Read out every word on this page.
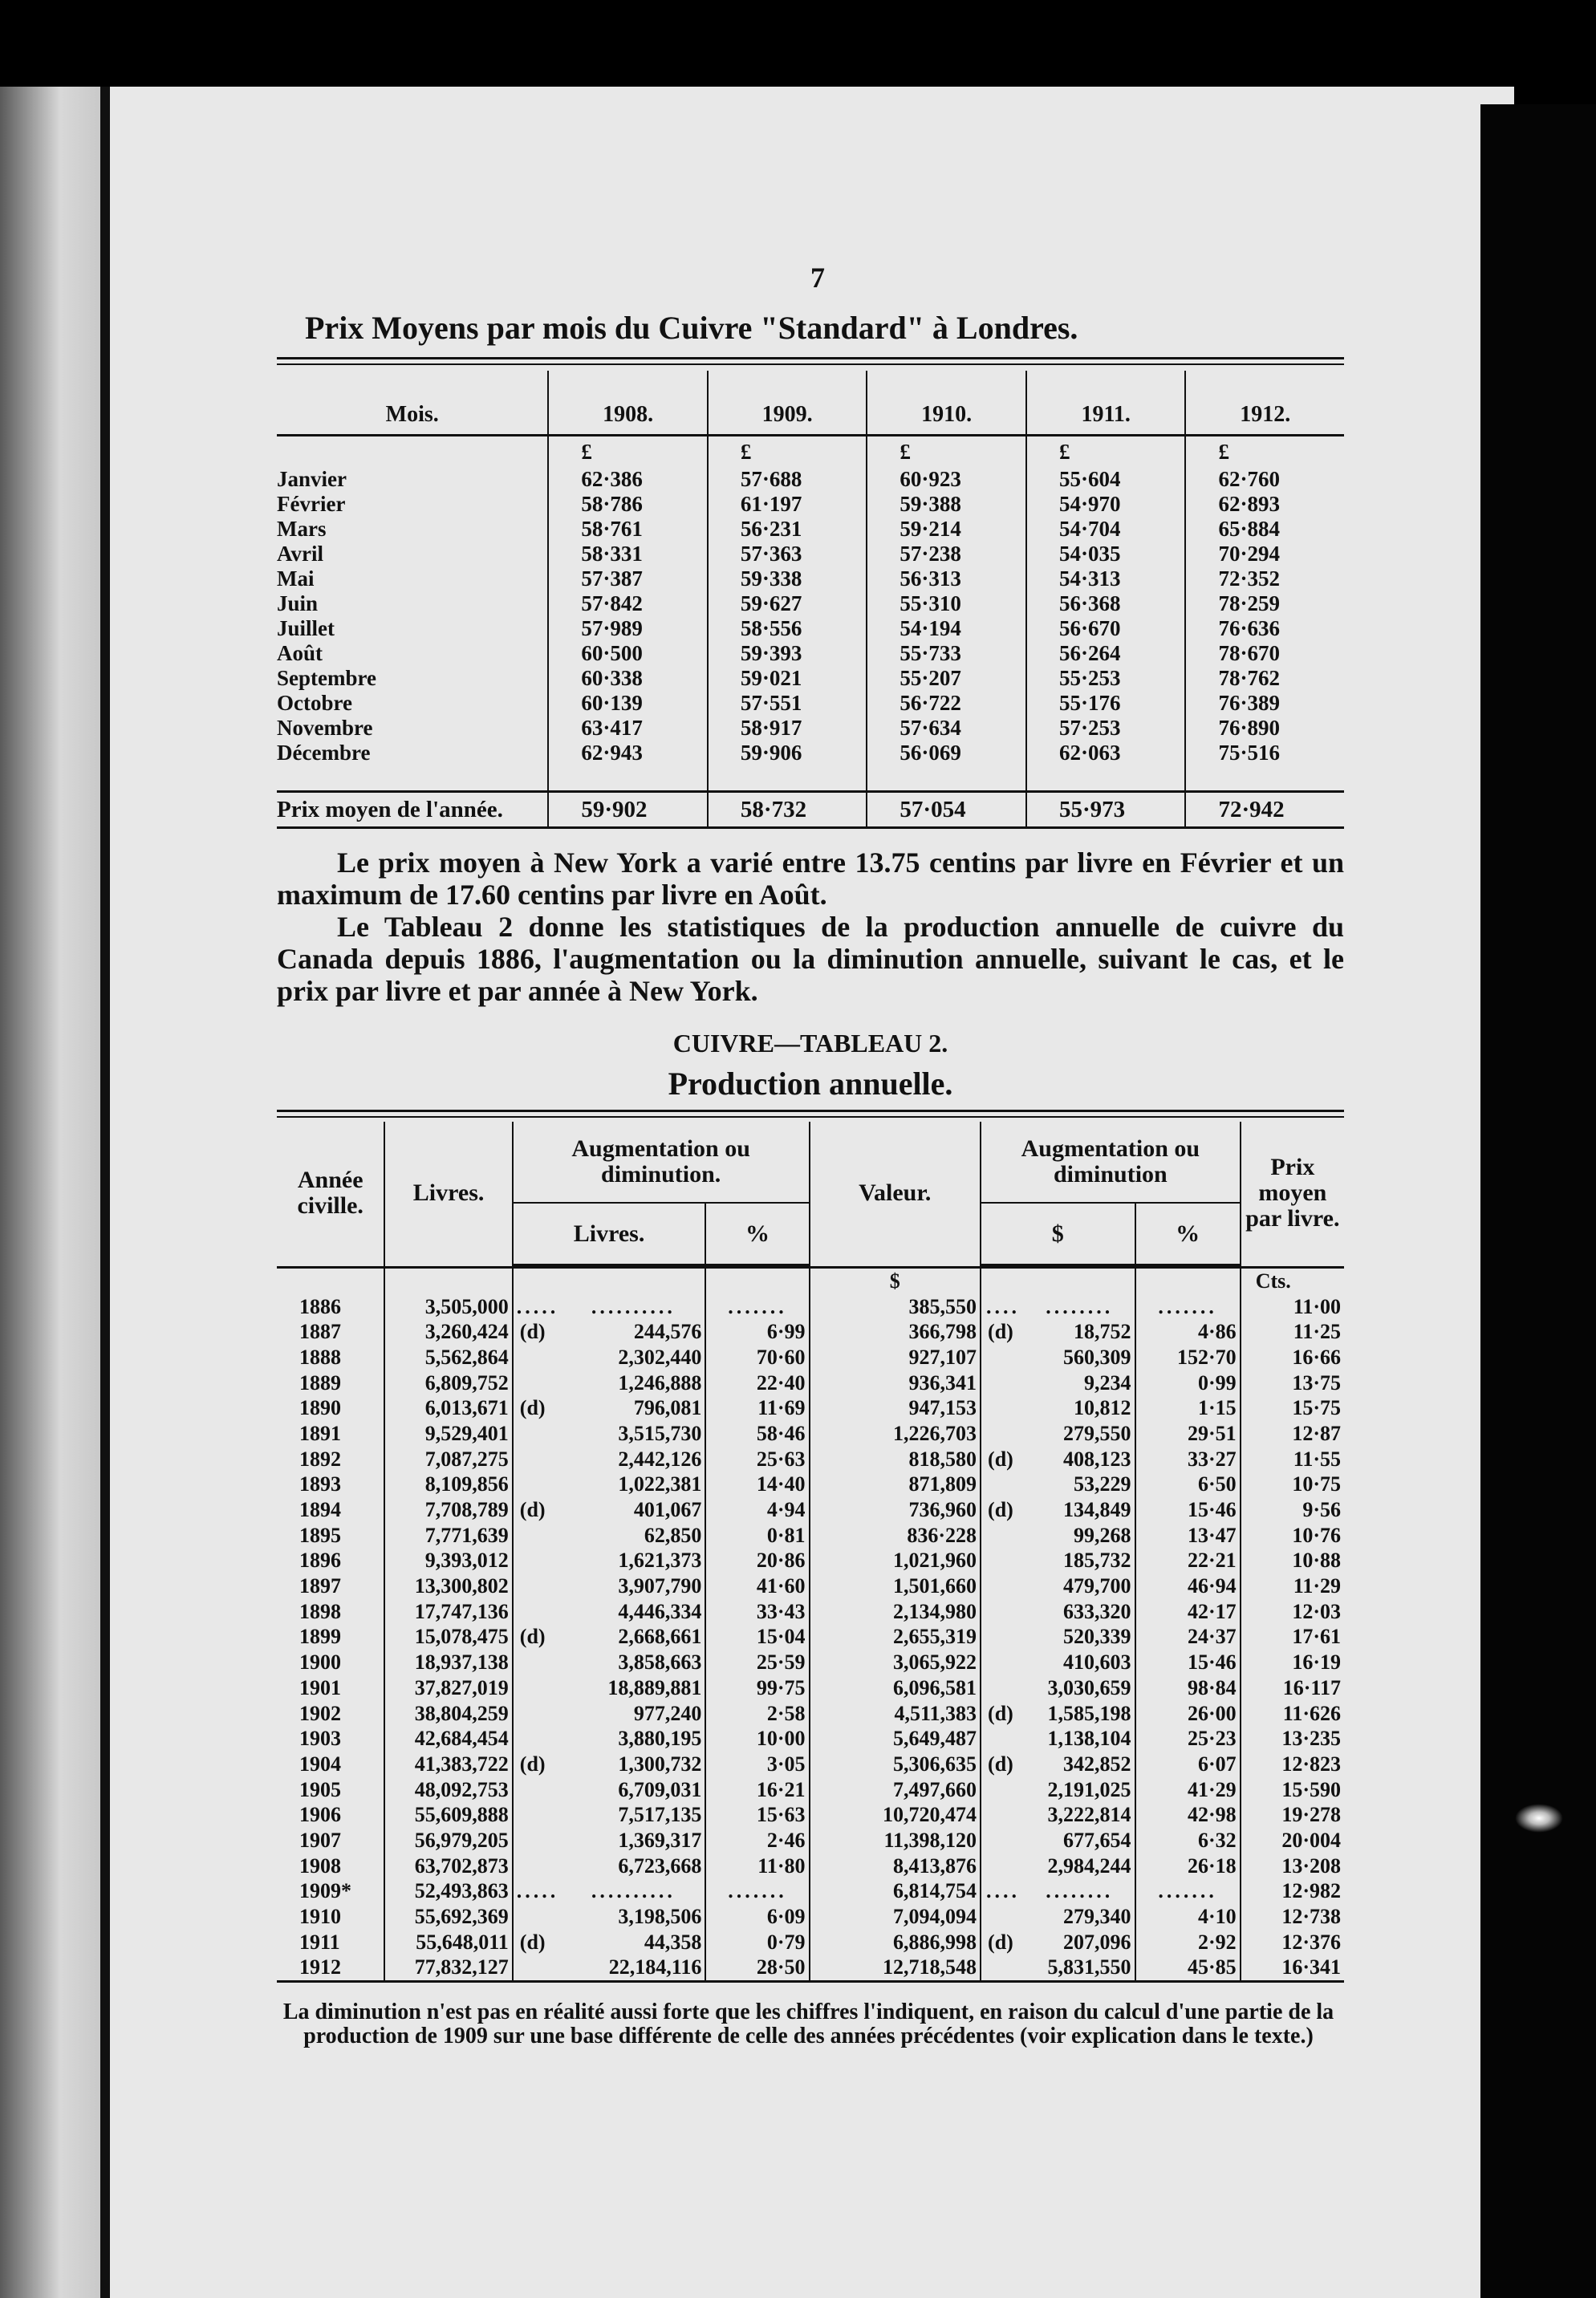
7
Prix Moyens par mois du Cuivre "Standard" à Londres.
Mois.	1908.	1909.	1910.	1911.	1912.
	£	£	£	£	£
Janvier	62·386	57·688	60·923	55·604	62·760
Février	58·786	61·197	59·388	54·970	62·893
Mars	58·761	56·231	59·214	54·704	65·884
Avril	58·331	57·363	57·238	54·035	70·294
Mai	57·387	59·338	56·313	54·313	72·352
Juin	57·842	59·627	55·310	56·368	78·259
Juillet	57·989	58·556	54·194	56·670	76·636
Août	60·500	59·393	55·733	56·264	78·670
Septembre	60·338	59·021	55·207	55·253	78·762
Octobre	60·139	57·551	56·722	55·176	76·389
Novembre	63·417	58·917	57·634	57·253	76·890
Décembre	62·943	59·906	56·069	62·063	75·516

Prix moyen de l'année.	59·902	58·732	57·054	55·973	72·942
Le prix moyen à New York a varié entre 13.75 centins par livre en Février et un maximum de 17.60 centins par livre en Août.
Le Tableau 2 donne les statistiques de la production annuelle de cuivre du Canada depuis 1886, l'augmentation ou la diminution annuelle, suivant le cas, et le prix par livre et par année à New York.
CUIVRE—TABLEAU 2.
Production annuelle.
Année civille.	Livres.	Augmentation ou diminution.			Valeur.	Augmentation ou diminution			Prix moyen par livre.
		Livres.		%		$		%	

					$				Cts.
1886	3,505,000	.....	..........	.......	385,550	....	........	.......	11·00
1887	3,260,424	(d)	244,576	6·99	366,798	(d)	18,752	4·86	11·25
1888	5,562,864		2,302,440	70·60	927,107		560,309	152·70	16·66
1889	6,809,752		1,246,888	22·40	936,341		9,234	0·99	13·75
1890	6,013,671	(d)	796,081	11·69	947,153		10,812	1·15	15·75
1891	9,529,401		3,515,730	58·46	1,226,703		279,550	29·51	12·87
1892	7,087,275		2,442,126	25·63	818,580	(d)	408,123	33·27	11·55
1893	8,109,856		1,022,381	14·40	871,809		53,229	6·50	10·75
1894	7,708,789	(d)	401,067	4·94	736,960	(d)	134,849	15·46	9·56
1895	7,771,639		62,850	0·81	836·228		99,268	13·47	10·76
1896	9,393,012		1,621,373	20·86	1,021,960		185,732	22·21	10·88
1897	13,300,802		3,907,790	41·60	1,501,660		479,700	46·94	11·29
1898	17,747,136		4,446,334	33·43	2,134,980		633,320	42·17	12·03
1899	15,078,475	(d)	2,668,661	15·04	2,655,319		520,339	24·37	17·61
1900	18,937,138		3,858,663	25·59	3,065,922		410,603	15·46	16·19
1901	37,827,019		18,889,881	99·75	6,096,581		3,030,659	98·84	16·117
1902	38,804,259		977,240	2·58	4,511,383	(d)	1,585,198	26·00	11·626
1903	42,684,454		3,880,195	10·00	5,649,487		1,138,104	25·23	13·235
1904	41,383,722	(d)	1,300,732	3·05	5,306,635	(d)	342,852	6·07	12·823
1905	48,092,753		6,709,031	16·21	7,497,660		2,191,025	41·29	15·590
1906	55,609,888		7,517,135	15·63	10,720,474		3,222,814	42·98	19·278
1907	56,979,205		1,369,317	2·46	11,398,120		677,654	6·32	20·004
1908	63,702,873		6,723,668	11·80	8,413,876		2,984,244	26·18	13·208
1909*	52,493,863	.....	..........	.......	6,814,754	....	........	.......	12·982
1910	55,692,369		3,198,506	6·09	7,094,094		279,340	4·10	12·738
1911	55,648,011	(d)	44,358	0·79	6,886,998	(d)	207,096	2·92	12·376
1912	77,832,127		22,184,116	28·50	12,718,548		5,831,550	45·85	16·341
La diminution n'est pas en réalité aussi forte que les chiffres l'indiquent, en raison du calcul d'une partie de la production de 1909 sur une base différente de celle des années précédentes (voir explication dans le texte.)
